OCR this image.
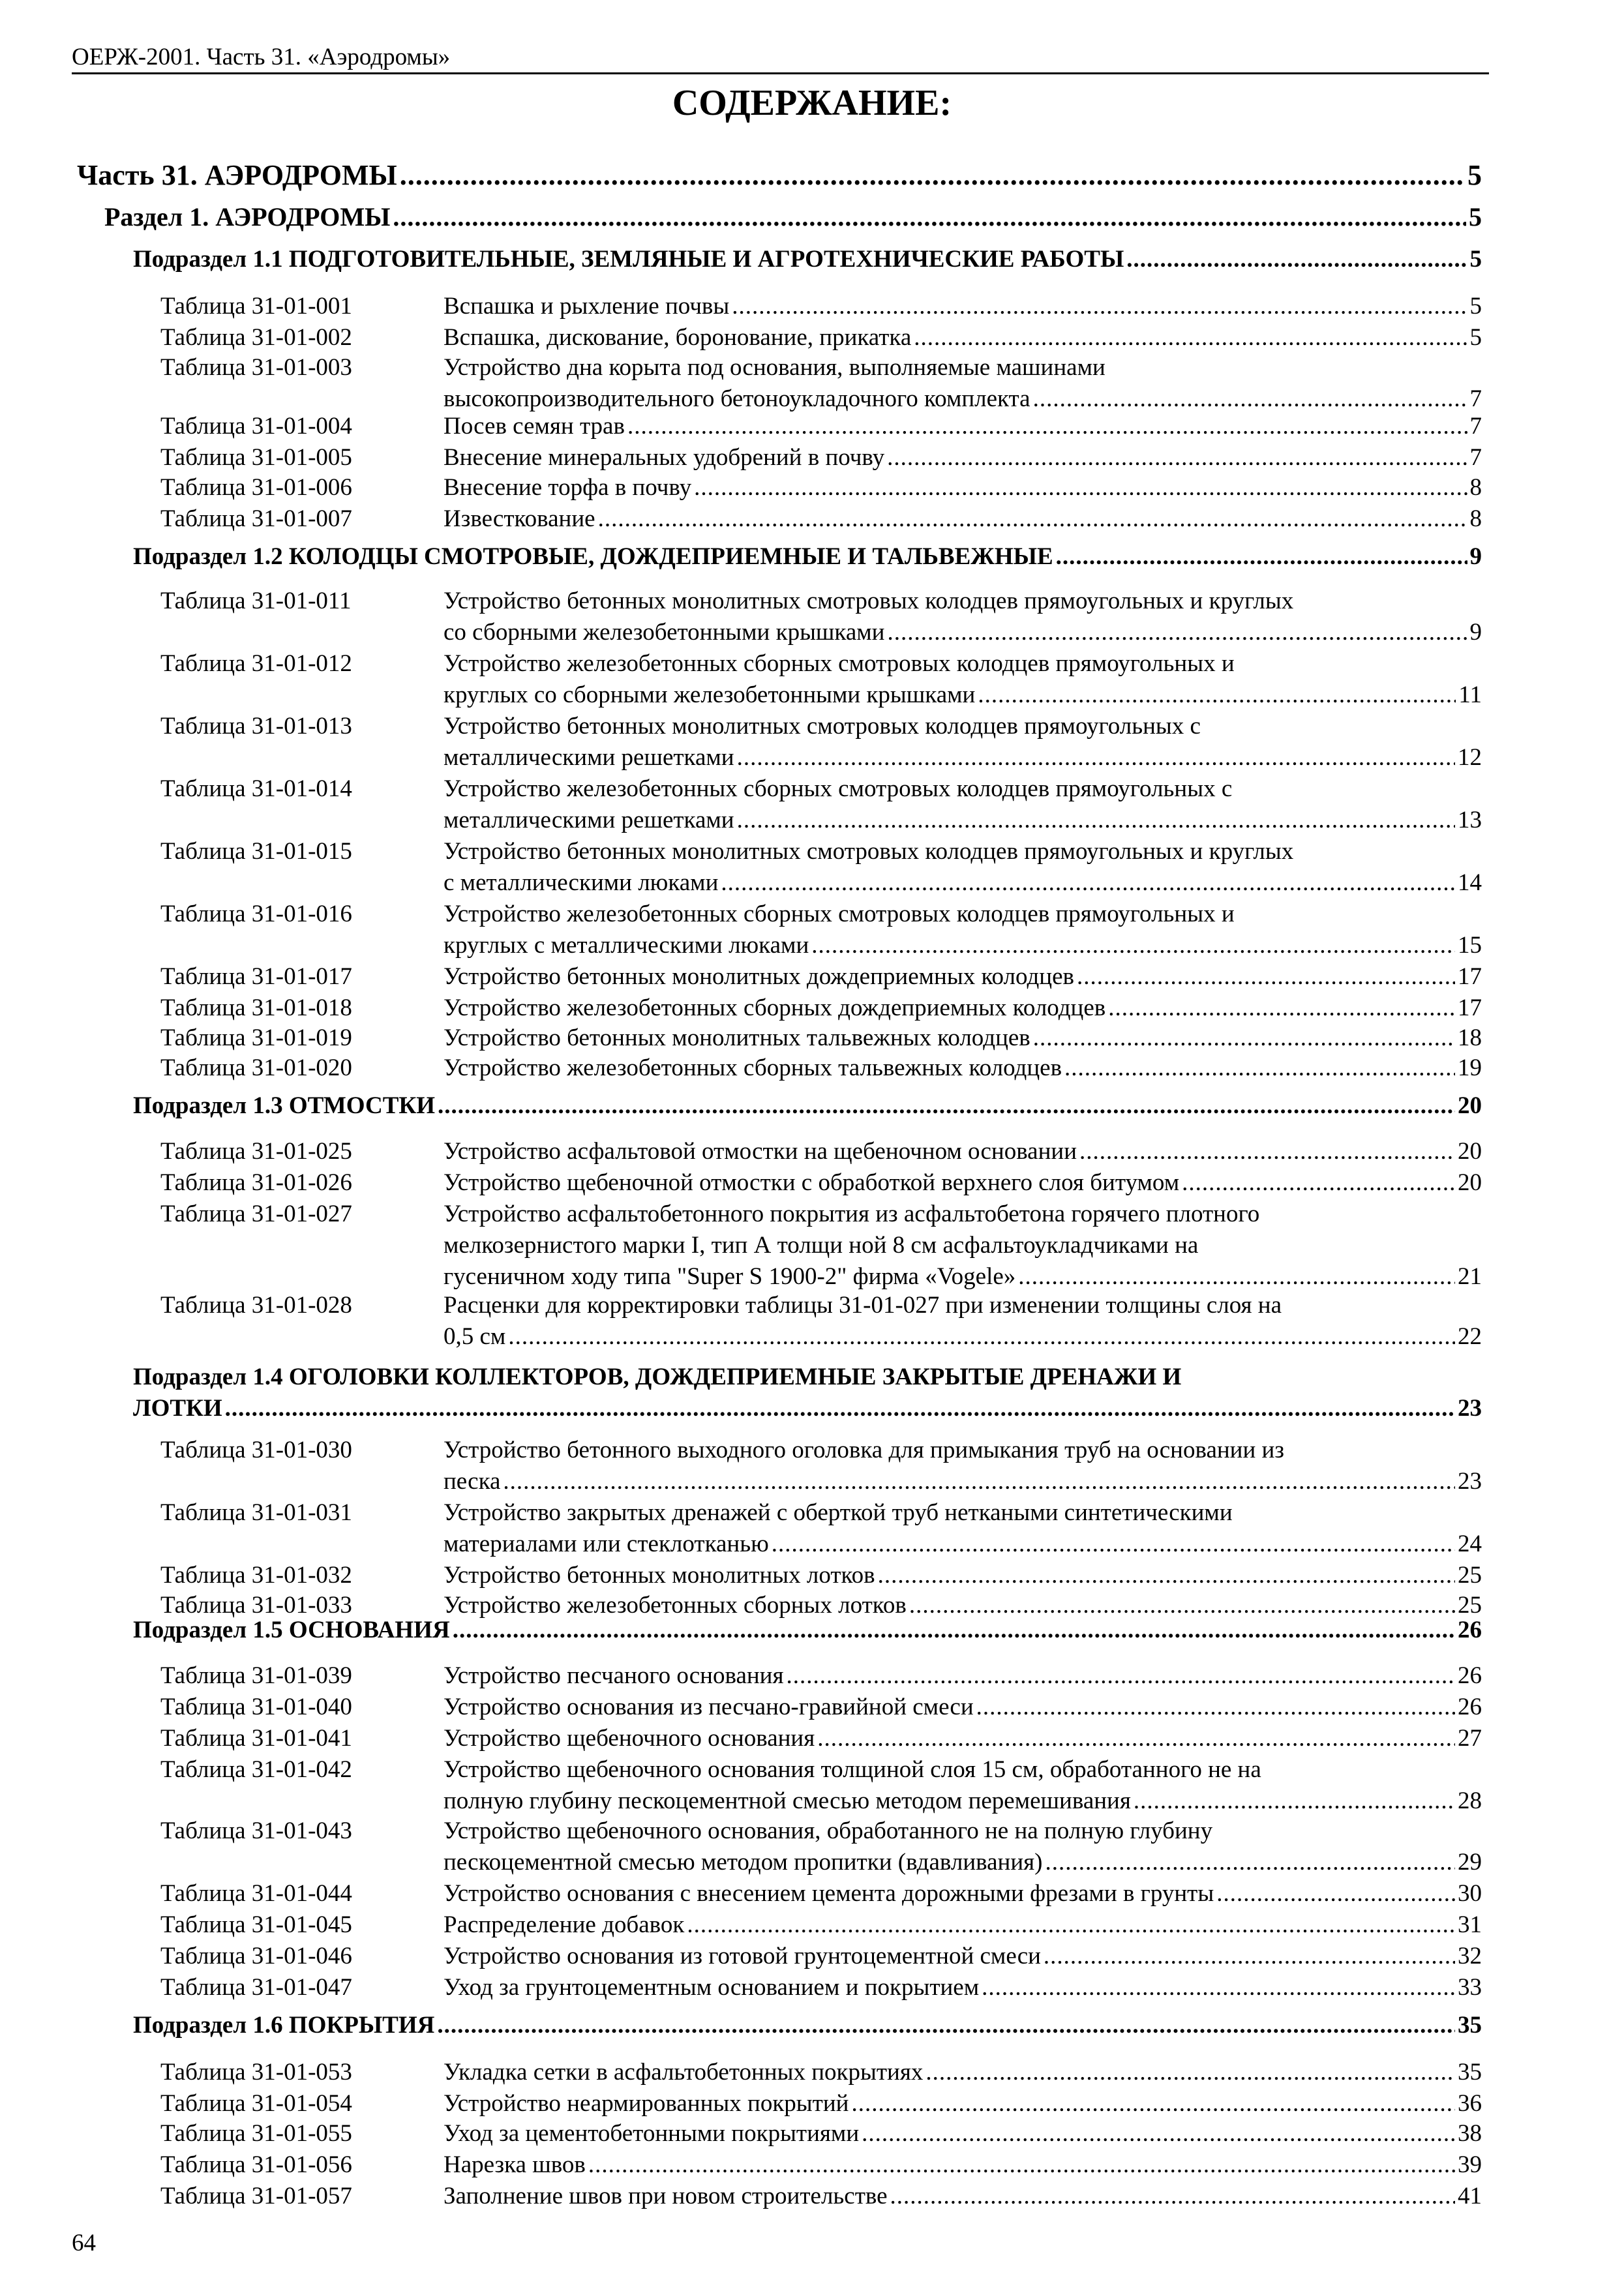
ОЕРЖ-2001. Часть 31. «Аэродромы»
СОДЕРЖАНИЕ:
Часть 31. АЭРОДРОМЫ .....	5
Раздел 1. АЭРОДРОМЫ .....	5
Подраздел 1.1 ПОДГОТОВИТЕЛЬНЫЕ, ЗЕМЛЯНЫЕ И АГРОТЕХНИЧЕСКИЕ РАБОТЫ .....	5
Таблица 31-01-001	Вспашка и рыхление почвы .....	5
Таблица 31-01-002	Вспашка, дискование, боронование, прикатка .....	5
Таблица 31-01-003	Устройство дна корыта под основания, выполняемые машинами
высокопроизводительного бетоноукладочного комплекта .....	7
Таблица 31-01-004	Посев семян трав .....	7
Таблица 31-01-005	Внесение минеральных удобрений в почву .....	7
Таблица 31-01-006	Внесение торфа в почву .....	8
Таблица 31-01-007	Известкование .....	8
Подраздел 1.2 КОЛОДЦЫ СМОТРОВЫЕ, ДОЖДЕПРИЕМНЫЕ И ТАЛЬВЕЖНЫЕ .....	9
Таблица 31-01-011	Устройство бетонных монолитных смотровых колодцев прямоугольных и круглых
со сборными железобетонными крышками .....	9
Таблица 31-01-012	Устройство железобетонных сборных смотровых колодцев прямоугольных и
круглых со сборными железобетонными крышками .....	11
Таблица 31-01-013	Устройство бетонных монолитных смотровых колодцев прямоугольных с
металлическими решетками .....	12
Таблица 31-01-014	Устройство железобетонных сборных смотровых колодцев прямоугольных с
металлическими решетками .....	13
Таблица 31-01-015	Устройство бетонных монолитных смотровых колодцев прямоугольных и круглых
с металлическими люками .....	14
Таблица 31-01-016	Устройство железобетонных сборных смотровых колодцев прямоугольных и
круглых с металлическими люками .....	15
Таблица 31-01-017	Устройство бетонных монолитных дождеприемных колодцев .....	17
Таблица 31-01-018	Устройство железобетонных сборных дождеприемных колодцев .....	17
Таблица 31-01-019	Устройство бетонных монолитных тальвежных колодцев .....	18
Таблица 31-01-020	Устройство железобетонных сборных тальвежных колодцев .....	19
Подраздел 1.3 ОТМОСТКИ .....	20
Таблица 31-01-025	Устройство асфальтовой отмостки на щебеночном основании .....	20
Таблица 31-01-026	Устройство щебеночной отмостки с обработкой верхнего слоя битумом .....	20
Таблица 31-01-027	Устройство асфальтобетонного покрытия из асфальтобетона горячего плотного
мелкозернистого марки I, тип А толщи ной 8 см асфальтоукладчиками на
гусеничном ходу типа "Super S 1900-2" фирма «Vogele» .....	21
Таблица 31-01-028	Расценки для корректировки таблицы 31-01-027 при изменении толщины слоя на
0,5 см .....	22
Подраздел 1.4 ОГОЛОВКИ КОЛЛЕКТОРОВ, ДОЖДЕПРИЕМНЫЕ ЗАКРЫТЫЕ ДРЕНАЖИ И
ЛОТКИ .....	23
Таблица 31-01-030	Устройство бетонного выходного оголовка для примыкания труб на основании из
песка .....	23
Таблица 31-01-031	Устройство закрытых дренажей с оберткой труб неткаными синтетическими
материалами или стеклотканью .....	24
Таблица 31-01-032	Устройство бетонных монолитных лотков .....	25
Таблица 31-01-033	Устройство железобетонных сборных лотков .....	25
Подраздел 1.5 ОСНОВАНИЯ .....	26
Таблица 31-01-039	Устройство песчаного основания .....	26
Таблица 31-01-040	Устройство основания из песчано-гравийной смеси .....	26
Таблица 31-01-041	Устройство щебеночного основания .....	27
Таблица 31-01-042	Устройство щебеночного основания толщиной слоя 15 см, обработанного не на
полную глубину пескоцементной смесью методом перемешивания .....	28
Таблица 31-01-043	Устройство щебеночного основания, обработанного не на полную глубину
пескоцементной смесью методом пропитки (вдавливания) .....	29
Таблица 31-01-044	Устройство основания с внесением цемента дорожными фрезами в грунты .....	30
Таблица 31-01-045	Распределение добавок .....	31
Таблица 31-01-046	Устройство основания из готовой грунтоцементной смеси .....	32
Таблица 31-01-047	Уход за грунтоцементным основанием и покрытием .....	33
Подраздел 1.6 ПОКРЫТИЯ .....	35
Таблица 31-01-053	Укладка сетки в асфальтобетонных покрытиях .....	35
Таблица 31-01-054	Устройство неармированных покрытий .....	36
Таблица 31-01-055	Уход за цементобетонными покрытиями .....	38
Таблица 31-01-056	Нарезка швов .....	39
Таблица 31-01-057	Заполнение швов при новом строительстве .....	41
64
